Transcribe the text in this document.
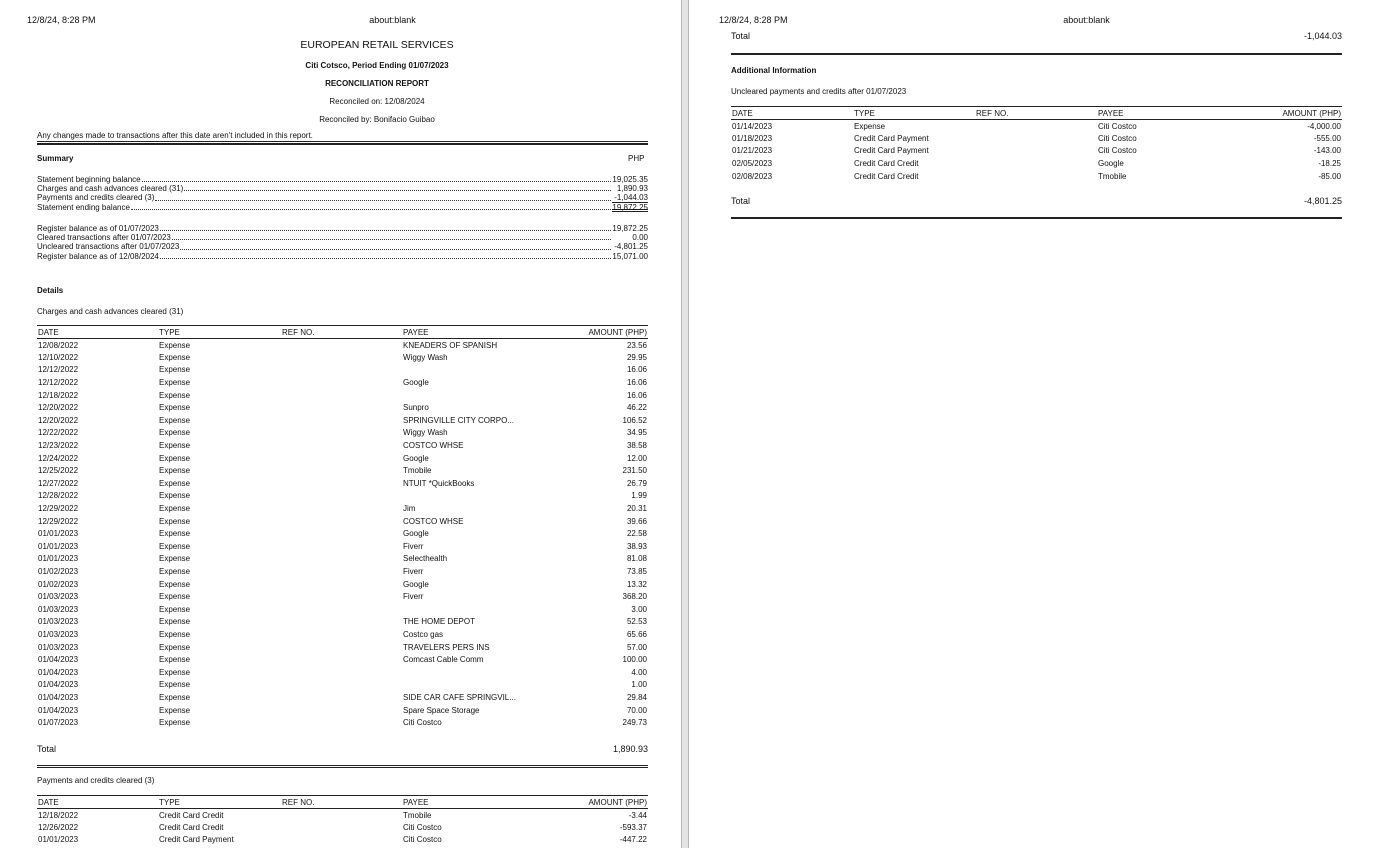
12/8/24, 8:28 PM	about:blank
EUROPEAN RETAIL SERVICES
Citi Cotsco, Period Ending 01/07/2023
RECONCILIATION REPORT
Reconciled on: 12/08/2024
Reconciled by: Bonifacio Guibao
Any changes made to transactions after this date aren't included in this report.
Summary	PHP
Statement beginning balance	19,025.35
Charges and cash advances cleared (31)	1,890.93
Payments and credits cleared (3)	-1,044.03
Statement ending balance	19,872.25
Register balance as of 01/07/2023	19,872.25
Cleared transactions after 01/07/2023	0.00
Uncleared transactions after 01/07/2023	-4,801.25
Register balance as of 12/08/2024	15,071.00
Details
Charges and cash advances cleared (31)
DATE	TYPE	REF NO.	PAYEE	AMOUNT (PHP)
12/08/2022	Expense		KNEADERS OF SPANISH	23.56
12/10/2022	Expense		Wiggy Wash	29.95
12/12/2022	Expense			16.06
12/12/2022	Expense		Google	16.06
12/18/2022	Expense			16.06
12/20/2022	Expense		Sunpro	46.22
12/20/2022	Expense		SPRINGVILLE CITY CORPO...	106.52
12/22/2022	Expense		Wiggy Wash	34.95
12/23/2022	Expense		COSTCO WHSE	38.58
12/24/2022	Expense		Google	12.00
12/25/2022	Expense		Tmobile	231.50
12/27/2022	Expense		NTUIT *QuickBooks	26.79
12/28/2022	Expense			1.99
12/29/2022	Expense		Jim	20.31
12/29/2022	Expense		COSTCO WHSE	39.66
01/01/2023	Expense		Google	22.58
01/01/2023	Expense		Fiverr	38.93
01/01/2023	Expense		Selecthealth	81.08
01/02/2023	Expense		Fiverr	73.85
01/02/2023	Expense		Google	13.32
01/03/2023	Expense		Fiverr	368.20
01/03/2023	Expense			3.00
01/03/2023	Expense		THE HOME DEPOT	52.53
01/03/2023	Expense		Costco gas	65.66
01/03/2023	Expense		TRAVELERS PERS INS	57.00
01/04/2023	Expense		Comcast Cable Comm	100.00
01/04/2023	Expense			4.00
01/04/2023	Expense			1.00
01/04/2023	Expense		SIDE CAR CAFE SPRINGVIL...	29.84
01/04/2023	Expense		Spare Space Storage	70.00
01/07/2023	Expense		Citi Costco	249.73
Total	1,890.93
Payments and credits cleared (3)
DATE	TYPE	REF NO.	PAYEE	AMOUNT (PHP)
12/18/2022	Credit Card Credit		Tmobile	-3.44
12/26/2022	Credit Card Credit		Citi Costco	-593.37
01/01/2023	Credit Card Payment		Citi Costco	-447.22
12/8/24, 8:28 PM	about:blank
Total	-1,044.03
Additional Information
Uncleared payments and credits after 01/07/2023
DATE	TYPE	REF NO.	PAYEE	AMOUNT (PHP)
01/14/2023	Expense		Citi Costco	-4,000.00
01/18/2023	Credit Card Payment		Citi Costco	-555.00
01/21/2023	Credit Card Payment		Citi Costco	-143.00
02/05/2023	Credit Card Credit		Google	-18.25
02/08/2023	Credit Card Credit		Tmobile	-85.00
Total	-4,801.25
